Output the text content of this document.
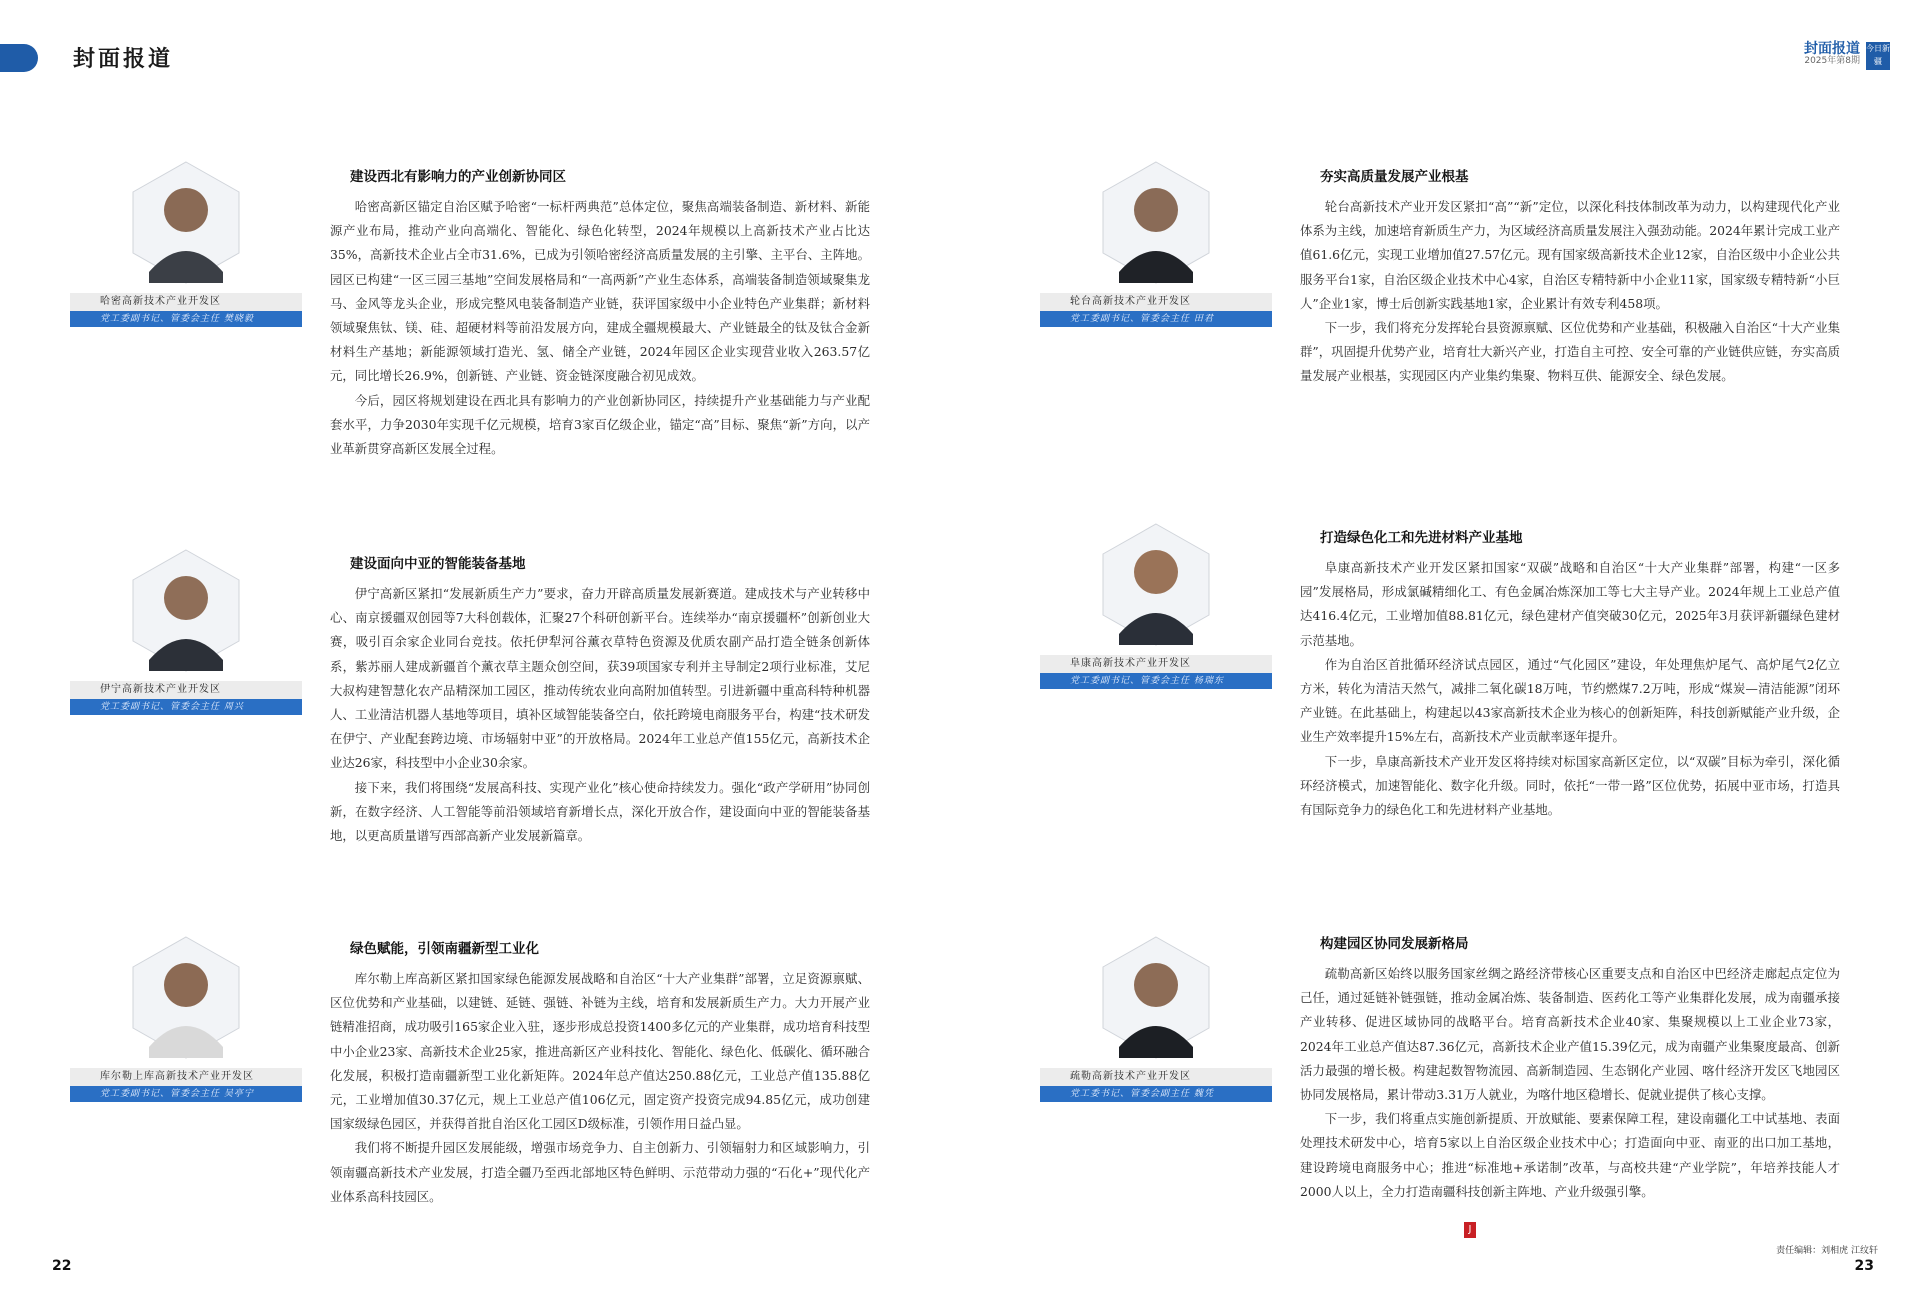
封面报道	封面报道
2025年第8期
今日新疆
哈密高新技术产业开发区
党工委副书记、管委会主任 樊晓毅
伊宁高新技术产业开发区
党工委副书记、管委会主任 周兴
库尔勒上库高新技术产业开发区
党工委副书记、管委会主任 吴亭宁
轮台高新技术产业开发区
党工委副书记、管委会主任 田君
阜康高新技术产业开发区
党工委副书记、管委会主任 杨瑞东
疏勒高新技术产业开发区
党工委书记、管委会副主任 魏凭
建设西北有影响力的产业创新协同区

哈密高新区锚定自治区赋予哈密“一标杆两典范”总体定位，聚焦高端装备制造、新材料、新能源产业布局，推动产业向高端化、智能化、绿色化转型，2024年规模以上高新技术产业占比达35%，高新技术企业占全市31.6%，已成为引领哈密经济高质量发展的主引擎、主平台、主阵地。园区已构建“一区三园三基地”空间发展格局和“一高两新”产业生态体系，高端装备制造领域聚集龙马、金风等龙头企业，形成完整风电装备制造产业链，获评国家级中小企业特色产业集群；新材料领域聚焦钛、镁、硅、超硬材料等前沿发展方向，建成全疆规模最大、产业链最全的钛及钛合金新材料生产基地；新能源领域打造光、氢、储全产业链，2024年园区企业实现营业收入263.57亿元，同比增长26.9%，创新链、产业链、资金链深度融合初见成效。

今后，园区将规划建设在西北具有影响力的产业创新协同区，持续提升产业基础能力与产业配套水平，力争2030年实现千亿元规模，培育3家百亿级企业，锚定“高”目标、聚焦“新”方向，以产业革新贯穿高新区发展全过程。

建设面向中亚的智能装备基地

伊宁高新区紧扣“发展新质生产力”要求，奋力开辟高质量发展新赛道。建成技术与产业转移中心、南京援疆双创园等7大科创载体，汇聚27个科研创新平台。连续举办“南京援疆杯”创新创业大赛，吸引百余家企业同台竞技。依托伊犁河谷薰衣草特色资源及优质农副产品打造全链条创新体系，紫苏丽人建成新疆首个薰衣草主题众创空间，获39项国家专利并主导制定2项行业标准，艾尼大叔构建智慧化农产品精深加工园区，推动传统农业向高附加值转型。引进新疆中重高科特种机器人、工业清洁机器人基地等项目，填补区域智能装备空白，依托跨境电商服务平台，构建“技术研发在伊宁、产业配套跨边境、市场辐射中亚”的开放格局。2024年工业总产值155亿元，高新技术企业达26家，科技型中小企业30余家。

接下来，我们将围绕“发展高科技、实现产业化”核心使命持续发力。强化“政产学研用”协同创新，在数字经济、人工智能等前沿领域培育新增长点，深化开放合作，建设面向中亚的智能装备基地，以更高质量谱写西部高新产业发展新篇章。

绿色赋能，引领南疆新型工业化

库尔勒上库高新区紧扣国家绿色能源发展战略和自治区“十大产业集群”部署，立足资源禀赋、区位优势和产业基础，以建链、延链、强链、补链为主线，培育和发展新质生产力。大力开展产业链精准招商，成功吸引165家企业入驻，逐步形成总投资1400多亿元的产业集群，成功培育科技型中小企业23家、高新技术企业25家，推进高新区产业科技化、智能化、绿色化、低碳化、循环融合化发展，积极打造南疆新型工业化新矩阵。2024年总产值达250.88亿元，工业总产值135.88亿元，工业增加值30.37亿元，规上工业总产值106亿元，固定资产投资完成94.85亿元，成功创建国家级绿色园区，并获得首批自治区化工园区D级标准，引领作用日益凸显。

我们将不断提升园区发展能级，增强市场竞争力、自主创新力、引领辐射力和区域影响力，引领南疆高新技术产业发展，打造全疆乃至西北部地区特色鲜明、示范带动力强的“石化+”现代化产业体系高科技园区。

夯实高质量发展产业根基

轮台高新技术产业开发区紧扣“高”“新”定位，以深化科技体制改革为动力，以构建现代化产业体系为主线，加速培育新质生产力，为区域经济高质量发展注入强劲动能。2024年累计完成工业产值61.6亿元，实现工业增加值27.57亿元。现有国家级高新技术企业12家，自治区级中小企业公共服务平台1家，自治区级企业技术中心4家，自治区专精特新中小企业11家，国家级专精特新“小巨人”企业1家，博士后创新实践基地1家，企业累计有效专利458项。

下一步，我们将充分发挥轮台县资源禀赋、区位优势和产业基础，积极融入自治区“十大产业集群”，巩固提升优势产业，培育壮大新兴产业，打造自主可控、安全可靠的产业链供应链，夯实高质量发展产业根基，实现园区内产业集约集聚、物料互供、能源安全、绿色发展。

打造绿色化工和先进材料产业基地

阜康高新技术产业开发区紧扣国家“双碳”战略和自治区“十大产业集群”部署，构建“一区多园”发展格局，形成氯碱精细化工、有色金属冶炼深加工等七大主导产业。2024年规上工业总产值达416.4亿元，工业增加值88.81亿元，绿色建材产值突破30亿元，2025年3月获评新疆绿色建材示范基地。

作为自治区首批循环经济试点园区，通过“气化园区”建设，年处理焦炉尾气、高炉尾气2亿立方米，转化为清洁天然气，减排二氧化碳18万吨，节约燃煤7.2万吨，形成“煤炭—清洁能源”闭环产业链。在此基础上，构建起以43家高新技术企业为核心的创新矩阵，科技创新赋能产业升级，企业生产效率提升15%左右，高新技术产业贡献率逐年提升。

下一步，阜康高新技术产业开发区将持续对标国家高新区定位，以“双碳”目标为牵引，深化循环经济模式，加速智能化、数字化升级。同时，依托“一带一路”区位优势，拓展中亚市场，打造具有国际竞争力的绿色化工和先进材料产业基地。

构建园区协同发展新格局

疏勒高新区始终以服务国家丝绸之路经济带核心区重要支点和自治区中巴经济走廊起点定位为己任，通过延链补链强链，推动金属冶炼、装备制造、医药化工等产业集群化发展，成为南疆承接产业转移、促进区域协同的战略平台。培育高新技术企业40家、集聚规模以上工业企业73家，2024年工业总产值达87.36亿元，高新技术企业产值15.39亿元，成为南疆产业集聚度最高、创新活力最强的增长极。构建起数智物流园、高新制造园、生态钢化产业园、喀什经济开发区飞地园区协同发展格局，累计带动3.31万人就业，为喀什地区稳增长、促就业提供了核心支撑。

下一步，我们将重点实施创新提质、开放赋能、要素保障工程，建设南疆化工中试基地、表面处理技术研发中心，培育5家以上自治区级企业技术中心；打造面向中亚、南亚的出口加工基地，建设跨境电商服务中心；推进“标准地+承诺制”改革，与高校共建“产业学院”，年培养技能人才2000人以上，全力打造南疆科技创新主阵地、产业升级强引擎。

J
22
责任编辑：刘相虎 江纹轩
23
